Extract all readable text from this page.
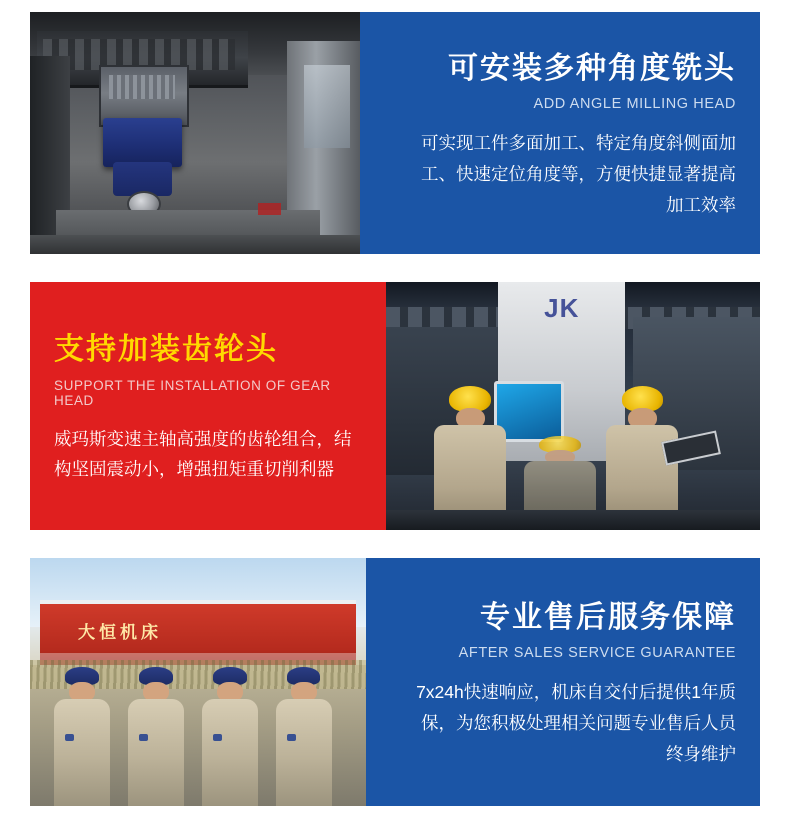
可安装多种角度铣头
ADD ANGLE MILLING HEAD
可实现工件多面加工、特定角度斜侧面加工、快速定位角度等，方便快捷显著提高加工效率
支持加装齿轮头
SUPPORT THE INSTALLATION OF GEAR HEAD
威玛斯变速主轴高强度的齿轮组合，结构坚固震动小，增强扭矩重切削利器
JK
大恒机床	专业售后服务保障
AFTER SALES SERVICE GUARANTEE
7x24h快速响应，机床自交付后提供1年质保，为您积极处理相关问题专业售后人员终身维护
